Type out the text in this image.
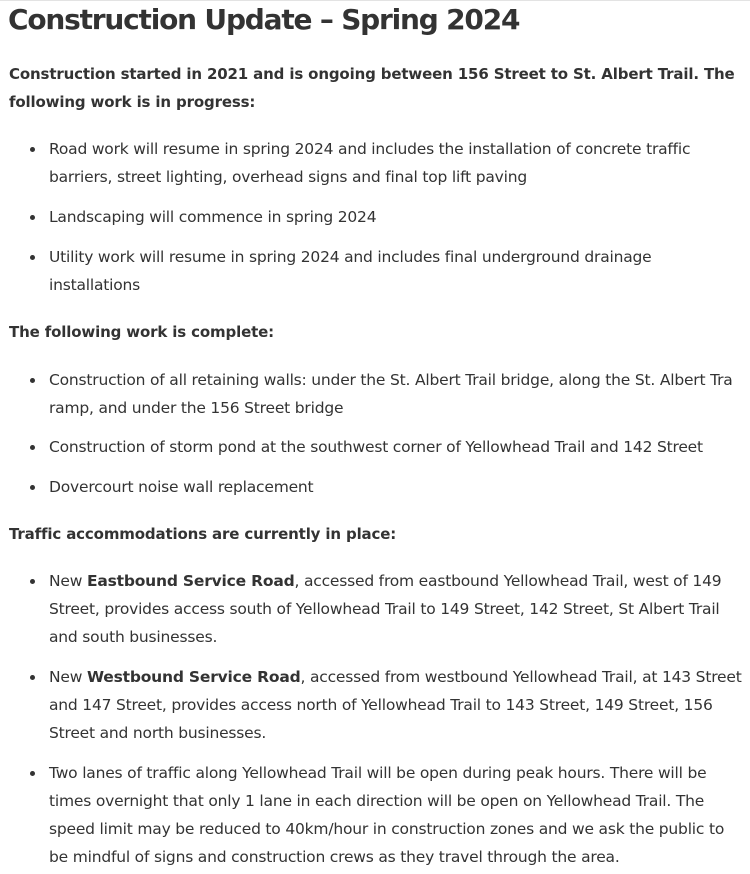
Construction Update – Spring 2024

Construction started in 2021 and is ongoing between 156 Street to St. Albert Trail. The
following work is in progress:

Road work will resume in spring 2024 and includes the installation of concrete traffic
barriers, street lighting, overhead signs and final top lift paving
Landscaping will commence in spring 2024
Utility work will resume in spring 2024 and includes final underground drainage
installations

The following work is complete:

Construction of all retaining walls: under the St. Albert Trail bridge, along the St. Albert Tra
ramp, and under the 156 Street bridge
Construction of storm pond at the southwest corner of Yellowhead Trail and 142 Street
Dovercourt noise wall replacement

Traffic accommodations are currently in place:

New Eastbound Service Road, accessed from eastbound Yellowhead Trail, west of 149
Street, provides access south of Yellowhead Trail to 149 Street, 142 Street, St Albert Trail
and south businesses.
New Westbound Service Road, accessed from westbound Yellowhead Trail, at 143 Street
and 147 Street, provides access north of Yellowhead Trail to 143 Street, 149 Street, 156
Street and north businesses.
Two lanes of traffic along Yellowhead Trail will be open during peak hours. There will be
times overnight that only 1 lane in each direction will be open on Yellowhead Trail. The
speed limit may be reduced to 40km/hour in construction zones and we ask the public to
be mindful of signs and construction crews as they travel through the area.
